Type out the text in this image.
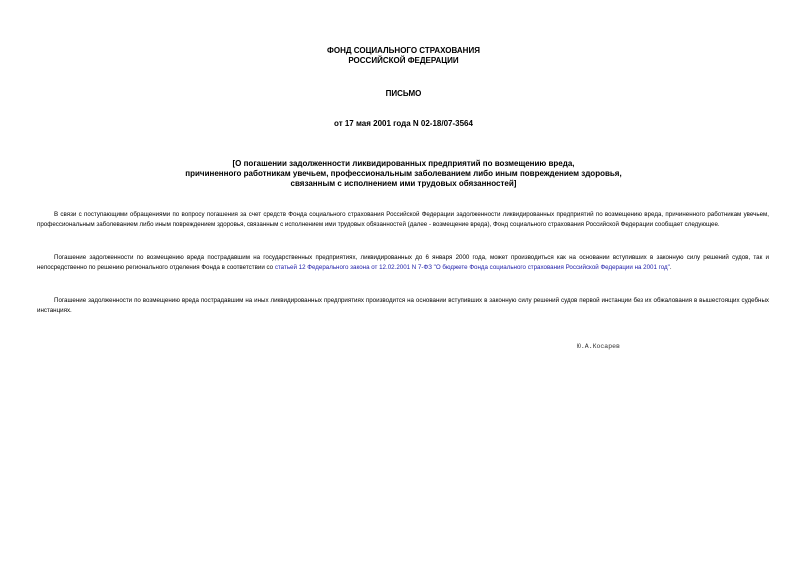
ФОНД СОЦИАЛЬНОГО СТРАХОВАНИЯ
РОССИЙСКОЙ ФЕДЕРАЦИИ
ПИСЬМО
от 17 мая 2001 года N 02-18/07-3564
[О погашении задолженности ликвидированных предприятий по возмещению вреда,
причиненного работникам увечьем, профессиональным заболеванием либо иным повреждением здоровья,
связанным с исполнением ими трудовых обязанностей]
В связи с поступающими обращениями по вопросу погашения за счет средств Фонда социального страхования Российской Федерации задолженности ликвидированных предприятий по возмещению вреда, причиненного работникам увечьем, профессиональным заболеванием либо иным повреждением здоровья, связанным с исполнением ими трудовых обязанностей (далее - возмещение вреда), Фонд социального страхования Российской Федерации сообщает следующее.
Погашение задолженности по возмещению вреда пострадавшим на государственных предприятиях, ликвидированных до 6 января 2000 года, может производиться как на основании вступивших в законную силу решений судов, так и непосредственно по решению регионального отделения Фонда в соответствии со статьей 12 Федерального закона от 12.02.2001 N 7-ФЗ "О бюджете Фонда социального страхования Российской Федерации на 2001 год".
Погашение задолженности по возмещению вреда пострадавшим на иных ликвидированных предприятиях производится на основании вступивших в законную силу решений судов первой инстанции без их обжалования в вышестоящих судебных инстанциях.
Ю.А.Косарев
